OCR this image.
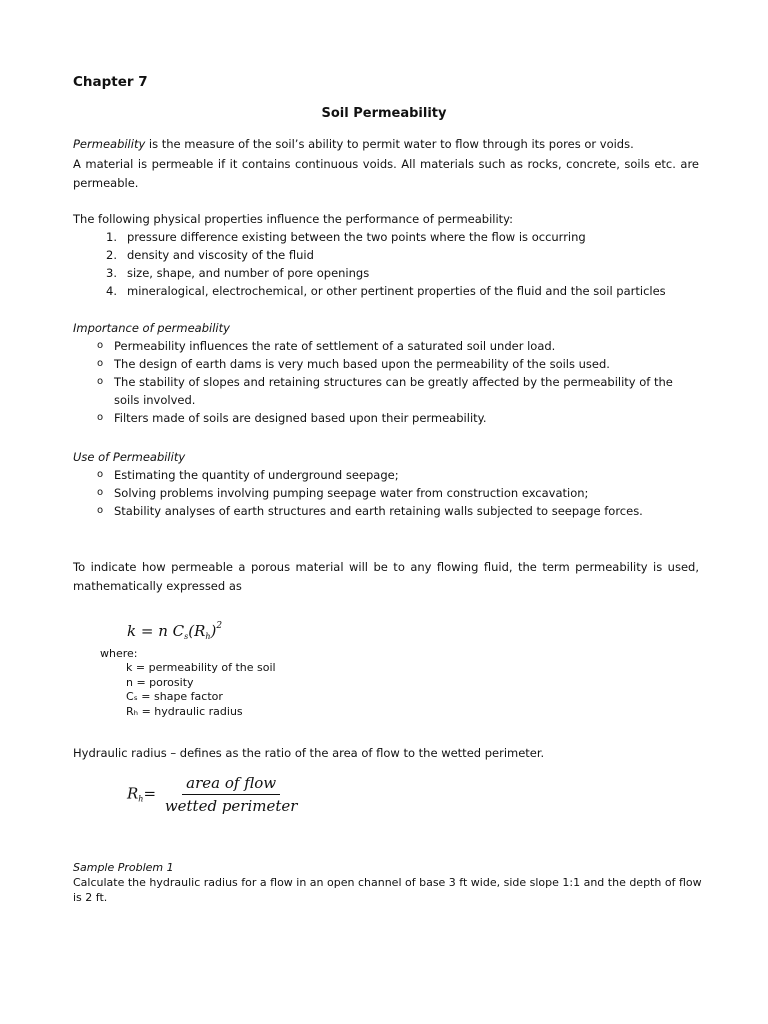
Chapter 7
Soil Permeability
Permeability is the measure of the soil’s ability to permit water to flow through its pores or voids.
A material is permeable if it contains continuous voids. All materials such as rocks, concrete, soils etc. are permeable.
The following physical properties influence the performance of permeability:
1. pressure difference existing between the two points where the flow is occurring
2. density and viscosity of the fluid
3. size, shape, and number of pore openings
4. mineralogical, electrochemical, or other pertinent properties of the fluid and the soil particles
Importance of permeability
o Permeability influences the rate of settlement of a saturated soil under load.
o The design of earth dams is very much based upon the permeability of the soils used.
o The stability of slopes and retaining structures can be greatly affected by the permeability of the soils involved.
o Filters made of soils are designed based upon their permeability.
Use of Permeability
o Estimating the quantity of underground seepage;
o Solving problems involving pumping seepage water from construction excavation;
o Stability analyses of earth structures and earth retaining walls subjected to seepage forces.
To indicate how permeable a porous material will be to any flowing fluid, the term permeability is used, mathematically expressed as
k = n $C_s(R_h)^2$
where:
k = permeability of the soil
n = porosity
Cₛ = shape factor
Rₕ = hydraulic radius
Hydraulic radius – defines as the ratio of the area of flow to the wetted perimeter.
$R_h= \frac{\text{area of flow}}{\text{wetted perimeter}}$
Sample Problem 1
Calculate the hydraulic radius for a flow in an open channel of base 3 ft wide, side slope 1:1 and the depth of flow is 2 ft.
